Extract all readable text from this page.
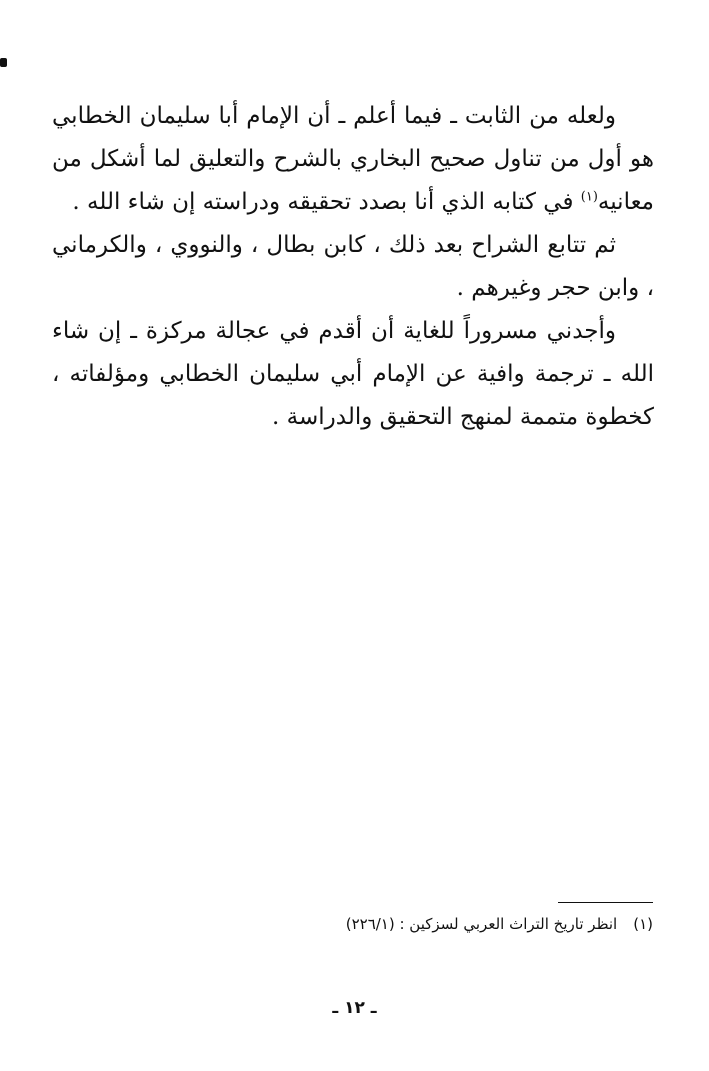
ولعله من الثابت ـ فيما أعلم ـ أن الإمام أبا سليمان الخطابي هو أول من تناول صحيح البخاري بالشرح والتعليق لما أشكل من معانيه$^{(١)}$ في كتابه الذي أنا بصدد تحقيقه ودراسته إن شاء الله .

ثم تتابع الشراح بعد ذلك ، كابن بطال ، والنووي ، والكرماني ، وابن حجر وغيرهم .

وأجدني مسروراً للغاية أن أقدم في عجالة مركزة ـ إن شاء الله ـ ترجمة وافية عن الإمام أبي سليمان الخطابي ومؤلفاته ، كخطوة متممة لمنهج التحقيق والدراسة .

(١)انظر تاريخ التراث العربي لسزكين : (٢٢٦/١)
ـ ١٢ ـ
